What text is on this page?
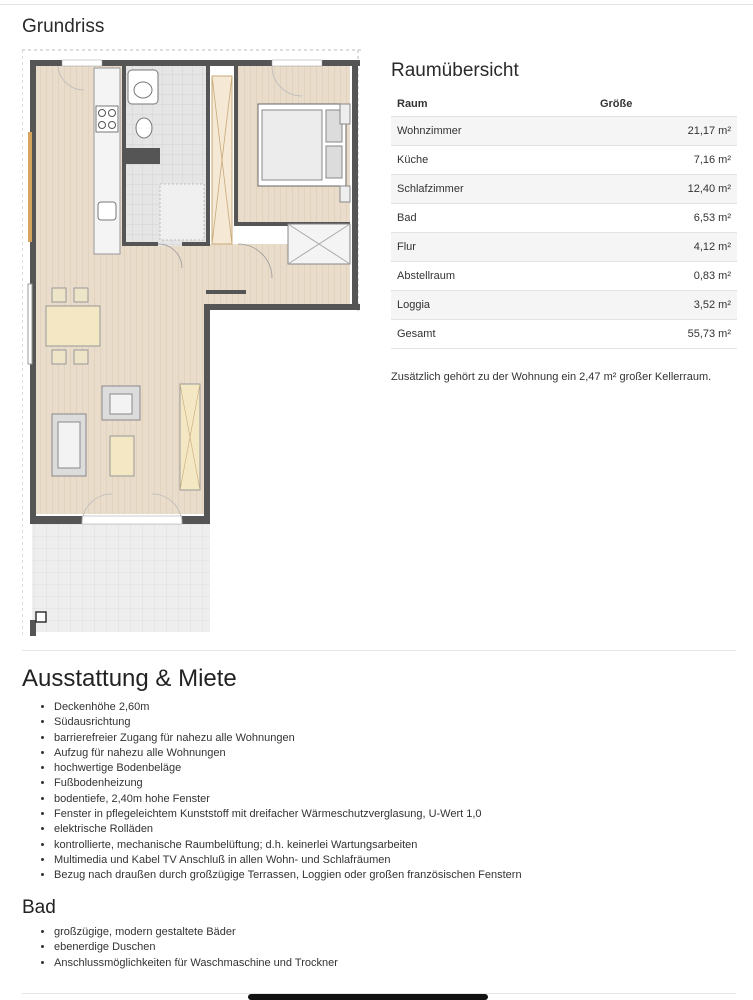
Grundriss
Raumübersicht
Raum	Größe
Wohnzimmer	21,17 m²
Küche	7,16 m²
Schlafzimmer	12,40 m²
Bad	6,53 m²
Flur	4,12 m²
Abstellraum	0,83 m²
Loggia	3,52 m²
Gesamt	55,73 m²
Zusätzlich gehört zu der Wohnung ein 2,47 m² großer Kellerraum.
Ausstattung & Miete
• Deckenhöhe 2,60m
• Südausrichtung
• barrierefreier Zugang für nahezu alle Wohnungen
• Aufzug für nahezu alle Wohnungen
• hochwertige Bodenbeläge
• Fußbodenheizung
• bodentiefe, 2,40m hohe Fenster
• Fenster in pflegeleichtem Kunststoff mit dreifacher Wärmeschutzverglasung, U-Wert 1,0
• elektrische Rolläden
• kontrollierte, mechanische Raumbelüftung; d.h. keinerlei Wartungsarbeiten
• Multimedia und Kabel TV Anschluß in allen Wohn- und Schlafräumen
• Bezug nach draußen durch großzügige Terrassen, Loggien oder großen französischen Fenstern
Bad
• großzügige, modern gestaltete Bäder
• ebenerdige Duschen
• Anschlussmöglichkeiten für Waschmaschine und Trockner
